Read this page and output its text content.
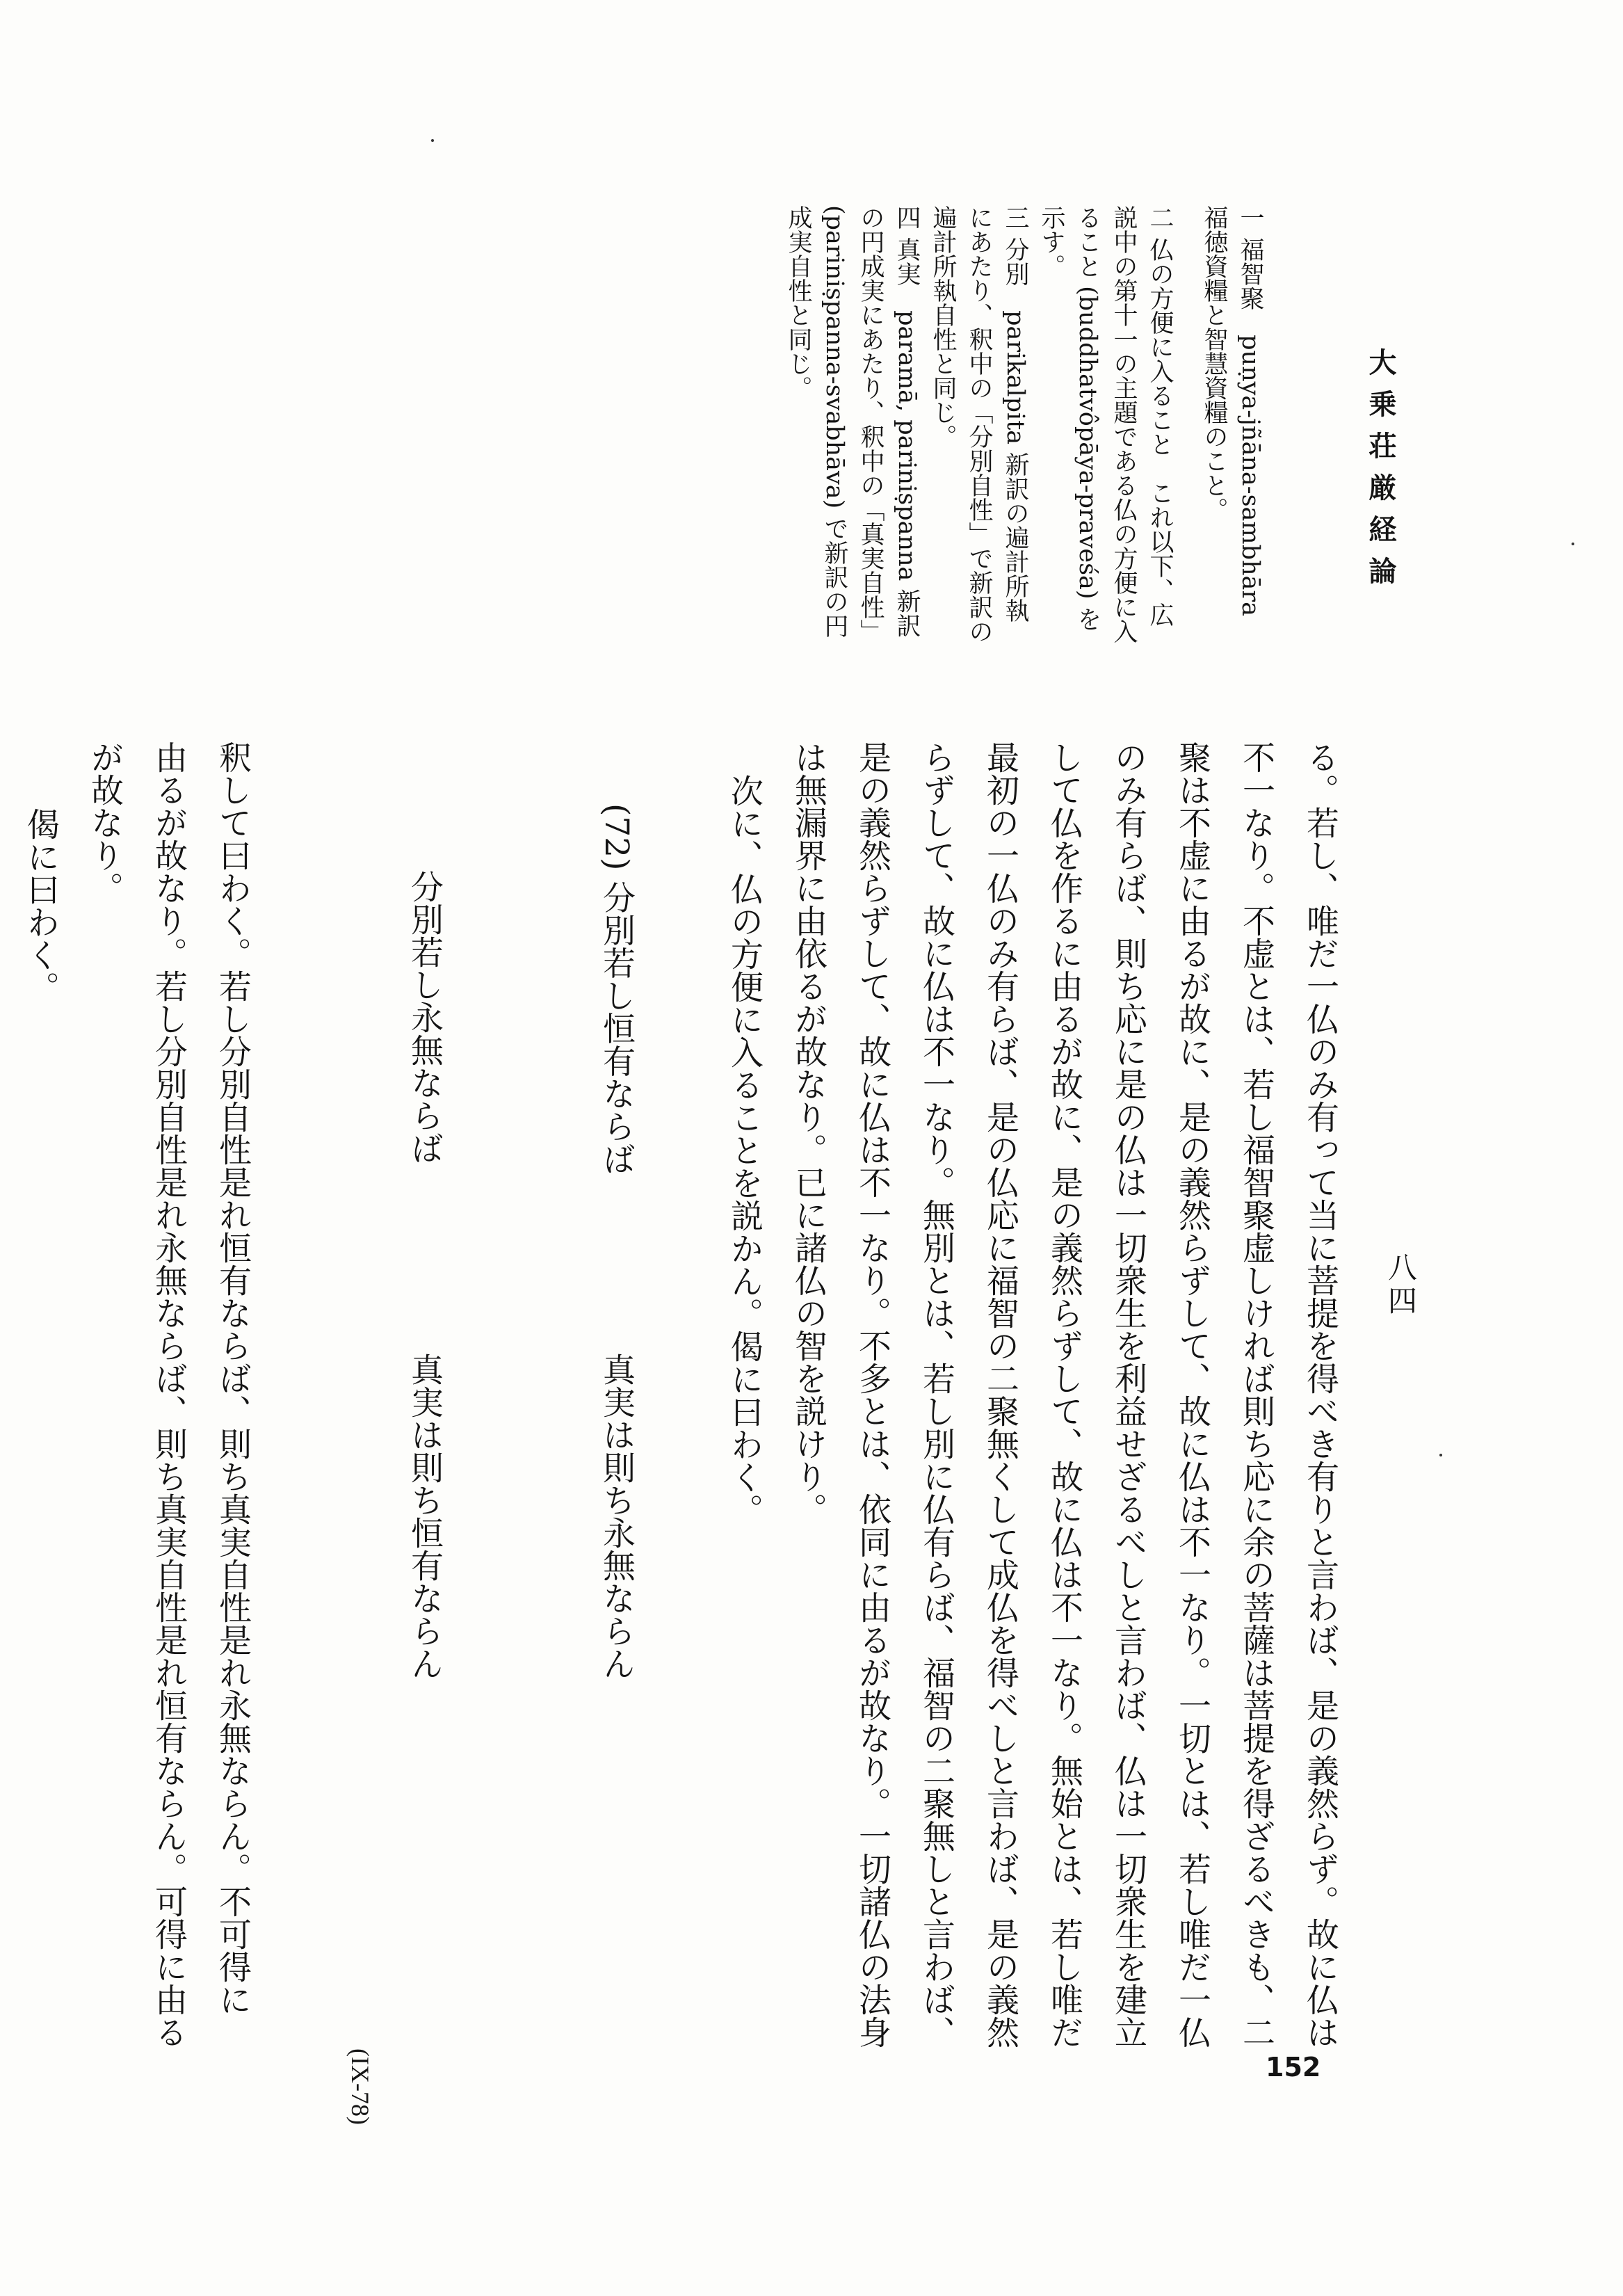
大乗荘厳経論
八四
152
一 福智聚　puṇya-jñāna-sambhāra
福徳資糧と智慧資糧のこと。
二 仏の方便に入ること　これ以下、広
説中の第十一の主題である仏の方便に入
ること (buddhatvôpāya-praveśa) を
示す。
三 分別　parikalpita 新訳の遍計所執
にあたり、釈中の「分別自性」で新訳の
遍計所執自性と同じ。
四 真実　paramā, pariniṣpanna 新訳
の円成実にあたり、釈中の「真実自性」
(pariniṣpanna-svabhāva) で新訳の円
成実自性と同じ。
る。若し、唯だ一仏のみ有って当に菩提を得べき有りと言わば、是の義然らず。故に仏は
不一なり。不虚とは、若し福智聚虚しければ則ち応に余の菩薩は菩提を得ざるべきも、二
聚は不虚に由るが故に、是の義然らずして、故に仏は不一なり。一切とは、若し唯だ一仏
のみ有らば、則ち応に是の仏は一切衆生を利益せざるべしと言わば、仏は一切衆生を建立
して仏を作るに由るが故に、是の義然らずして、故に仏は不一なり。無始とは、若し唯だ
最初の一仏のみ有らば、是の仏応に福智の二聚無くして成仏を得べしと言わば、是の義然
らずして、故に仏は不一なり。無別とは、若し別に仏有らば、福智の二聚無しと言わば、
是の義然らずして、故に仏は不一なり。不多とは、依同に由るが故なり。一切諸仏の法身
は無漏界に由依るが故なり。已に諸仏の智を説けり。
次に、仏の方便に入ることを説かん。偈に曰わく。

(72) 分別若し恒有ならば真実は則ち永無ならん

分別若し永無ならば真実は則ち恒有ならん

(IX-78)

釈して曰わく。若し分別自性是れ恒有ならば、則ち真実自性是れ永無ならん。不可得に
由るが故なり。若し分別自性是れ永無ならば、則ち真実自性是れ恒有ならん。可得に由る
が故なり。
偈に曰わく。
